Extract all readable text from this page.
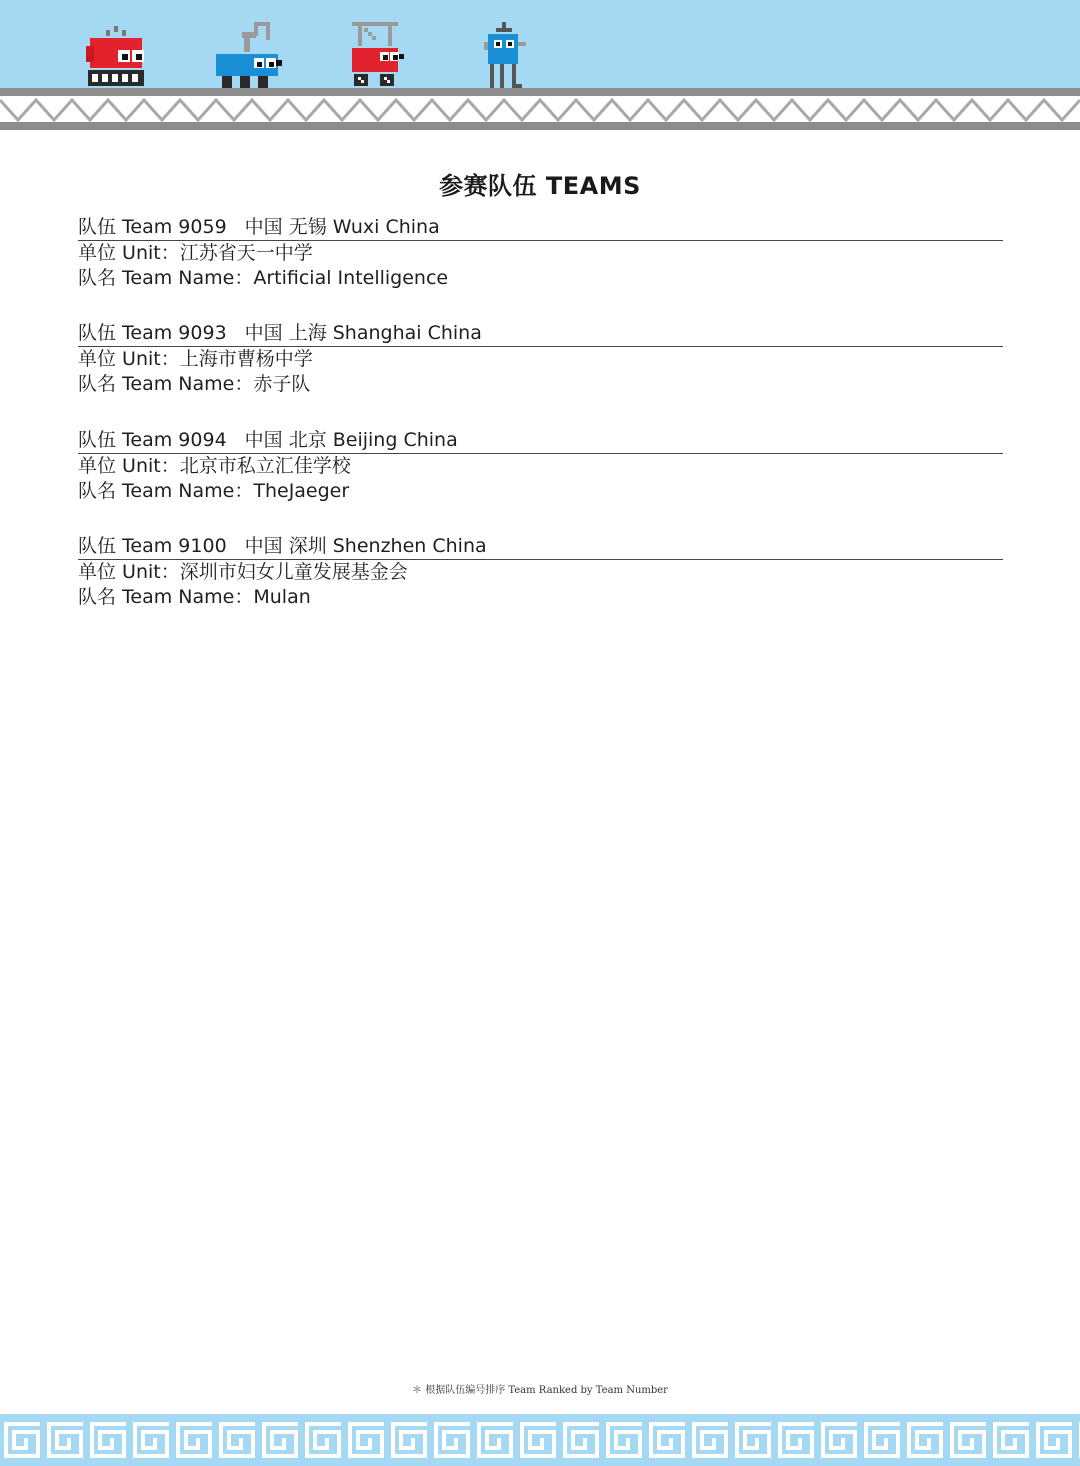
参赛队伍 TEAMS
队伍 Team 9059 中国 无锡 Wuxi China
单位 Unit：江苏省天一中学
队名 Team Name：Artificial Intelligence
队伍 Team 9093 中国 上海 Shanghai China
单位 Unit：上海市曹杨中学
队名 Team Name：赤子队
队伍 Team 9094 中国 北京 Beijing China
单位 Unit：北京市私立汇佳学校
队名 Team Name：TheJaeger
队伍 Team 9100 中国 深圳 Shenzhen China
单位 Unit：深圳市妇女儿童发展基金会
队名 Team Name：Mulan
＊ 根据队伍编号排序 Team Ranked by Team Number
